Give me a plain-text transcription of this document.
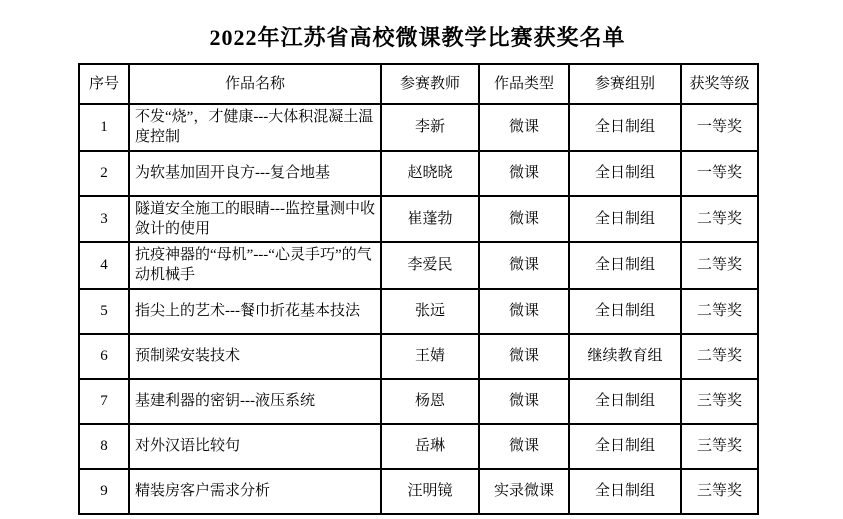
2022年江苏省高校微课教学比赛获奖名单
序号	作品名称	参赛教师	作品类型	参赛组别	获奖等级
1	不发“烧”，才健康---大体积混凝土温度控制	李新	微课	全日制组	一等奖
2	为软基加固开良方---复合地基	赵晓晓	微课	全日制组	一等奖
3	隧道安全施工的眼睛---监控量测中收敛计的使用	崔蓬勃	微课	全日制组	二等奖
4	抗疫神器的“母机”---“心灵手巧”的气动机械手	李爱民	微课	全日制组	二等奖
5	指尖上的艺术---餐巾折花基本技法	张远	微课	全日制组	二等奖
6	预制梁安装技术	王婧	微课	继续教育组	二等奖
7	基建利器的密钥---液压系统	杨恩	微课	全日制组	三等奖
8	对外汉语比较句	岳琳	微课	全日制组	三等奖
9	精装房客户需求分析	汪明镜	实录微课	全日制组	三等奖
